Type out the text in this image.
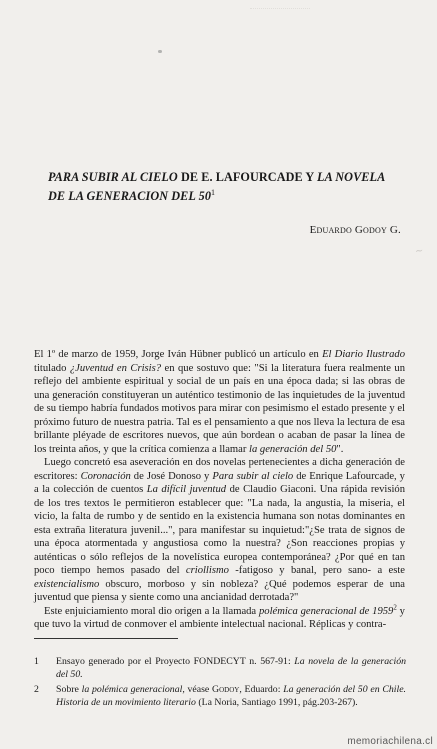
PARA SUBIR AL CIELO DE E. LAFOURCADE Y LA NOVELA
DE LA GENERACION DEL $50^1$
Eduardo Godoy G.
~

El 1º de marzo de 1959, Jorge Iván Hübner publicó un artículo en El Diario Ilustrado titulado ¿Juventud en Crisis? en que sostuvo que: "Si la literatura fuera realmente un reflejo del ambiente espiritual y social de un país en una época dada; si las obras de una generación constituyeran un auténtico testimonio de las inquietudes de la juventud de su tiempo habría fundados motivos para mirar con pesimismo el estado presente y el próximo futuro de nuestra patria. Tal es el pensamiento a que nos lleva la lectura de esa brillante pléyade de escritores nuevos, que aún bordean o acaban de pasar la línea de los treinta años, y que la crítica comienza a llamar la generación del 50".

Luego concretó esa aseveración en dos novelas pertenecientes a dicha generación de escritores: Coronación de José Donoso y Para subir al cielo de Enrique Lafourcade, y a la colección de cuentos La difícil juventud de Claudio Giaconi. Una rápida revisión de los tres textos le permitieron establecer que: "La nada, la angustia, la miseria, el vicio, la falta de rumbo y de sentido en la existencia humana son notas dominantes en esta extraña literatura juvenil...", para manifestar su inquietud:"¿Se trata de signos de una época atormentada y angustiosa como la nuestra? ¿Son reacciones propias y auténticas o sólo reflejos de la novelística europea contemporánea? ¿Por qué en tan poco tiempo hemos pasado del criollismo -fatigoso y banal, pero sano- a este existencialismo obscuro, morboso y sin nobleza? ¿Qué podemos esperar de una juventud que piensa y siente como una ancianidad derrotada?"

Este enjuiciamiento moral dio origen a la llamada polémica generacional de 1959$^2$ y que tuvo la virtud de conmover el ambiente intelectual nacional. Réplicas y contra-

1 Ensayo generado por el Proyecto FONDECYT n. 567-91: La novela de la generación del 50.
2 Sobre la polémica generacional, véase Godoy, Eduardo: La generación del 50 en Chile. Historia de un movimiento literario (La Noria, Santiago 1991, pág.203-267).
memoriachilena.cl
